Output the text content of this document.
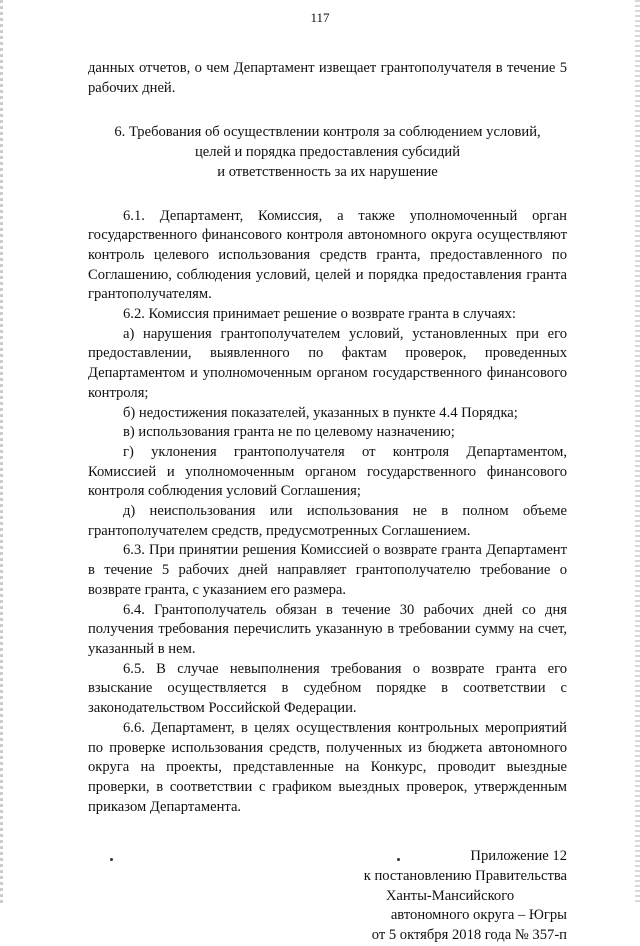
117

данных отчетов, о чем Департамент извещает грантополучателя в течение 5 рабочих дней.

6. Требования об осуществлении контроля за соблюдением условий,
целей и порядка предоставления субсидий
и ответственность за их нарушение

6.1. Департамент, Комиссия, а также уполномоченный орган государственного финансового контроля автономного округа осуществляют контроль целевого использования средств гранта, предоставленного по Соглашению, соблюдения условий, целей и порядка предоставления гранта грантополучателям.

6.2. Комиссия принимает решение о возврате гранта в случаях:

а) нарушения грантополучателем условий, установленных при его предоставлении, выявленного по фактам проверок, проведенных Департаментом и уполномоченным органом государственного финансового контроля;

б) недостижения показателей, указанных в пункте 4.4 Порядка;

в) использования гранта не по целевому назначению;

г) уклонения грантополучателя от контроля Департаментом, Комиссией и уполномоченным органом государственного финансового контроля соблюдения условий Соглашения;

д) неиспользования или использования не в полном объеме грантополучателем средств, предусмотренных Соглашением.

6.3. При принятии решения Комиссией о возврате гранта Департамент в течение 5 рабочих дней направляет грантополучателю требование о возврате гранта, с указанием его размера.

6.4. Грантополучатель обязан в течение 30 рабочих дней со дня получения требования перечислить указанную в требовании сумму на счет, указанный в нем.

6.5. В случае невыполнения требования о возврате гранта его взыскание осуществляется в судебном порядке в соответствии с законодательством Российской Федерации.

6.6. Департамент, в целях осуществления контрольных мероприятий по проверке использования средств, полученных из бюджета автономного округа на проекты, представленные на Конкурс, проводит выездные проверки, в соответствии с графиком выездных проверок, утвержденным приказом Департамента.

Приложение 12
к постановлению Правительства
Ханты-Мансийского
автономного округа – Югры
от 5 октября 2018 года № 357-п
